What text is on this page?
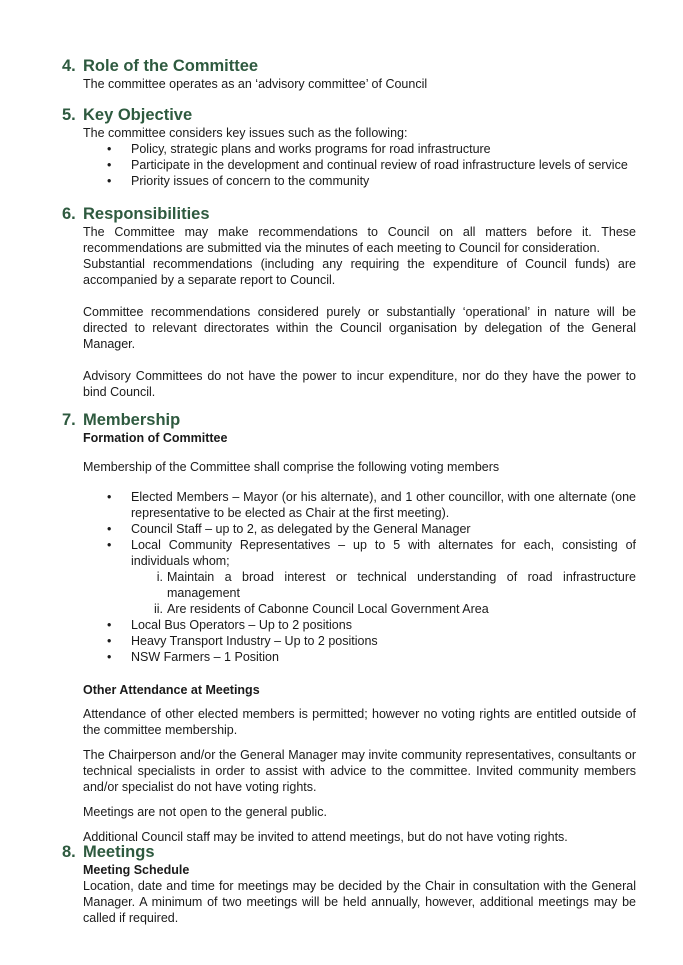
4. Role of the Committee

The committee operates as an ‘advisory committee’ of Council

5. Key Objective

The committee considers key issues such as the following:

• Policy, strategic plans and works programs for road infrastructure
• Participate in the development and continual review of road infrastructure levels of service
• Priority issues of concern to the community
6. Responsibilities

The Committee may make recommendations to Council on all matters before it. These recommendations are submitted via the minutes of each meeting to Council for consideration.

Substantial recommendations (including any requiring the expenditure of Council funds) are accompanied by a separate report to Council.

Committee recommendations considered purely or substantially ‘operational’ in nature will be directed to relevant directorates within the Council organisation by delegation of the General Manager.

Advisory Committees do not have the power to incur expenditure, nor do they have the power to bind Council.

7. Membership

Formation of Committee

Membership of the Committee shall comprise the following voting members

• Elected Members – Mayor (or his alternate), and 1 other councillor, with one alternate (one representative to be elected as Chair at the first meeting).
• Council Staff – up to 2, as delegated by the General Manager
• Local Community Representatives – up to 5 with alternates for each, consisting of individuals whom;
i. Maintain a broad interest or technical understanding of road infrastructure management
ii. Are residents of Cabonne Council Local Government Area
• Local Bus Operators – Up to 2 positions
• Heavy Transport Industry – Up to 2 positions
• NSW Farmers – 1 Position

Other Attendance at Meetings

Attendance of other elected members is permitted; however no voting rights are entitled outside of the committee membership.

The Chairperson and/or the General Manager may invite community representatives, consultants or technical specialists in order to assist with advice to the committee. Invited community members and/or specialist do not have voting rights.

Meetings are not open to the general public.

Additional Council staff may be invited to attend meetings, but do not have voting rights.

8. Meetings

Meeting Schedule

Location, date and time for meetings may be decided by the Chair in consultation with the General Manager. A minimum of two meetings will be held annually, however, additional meetings may be called if required.
